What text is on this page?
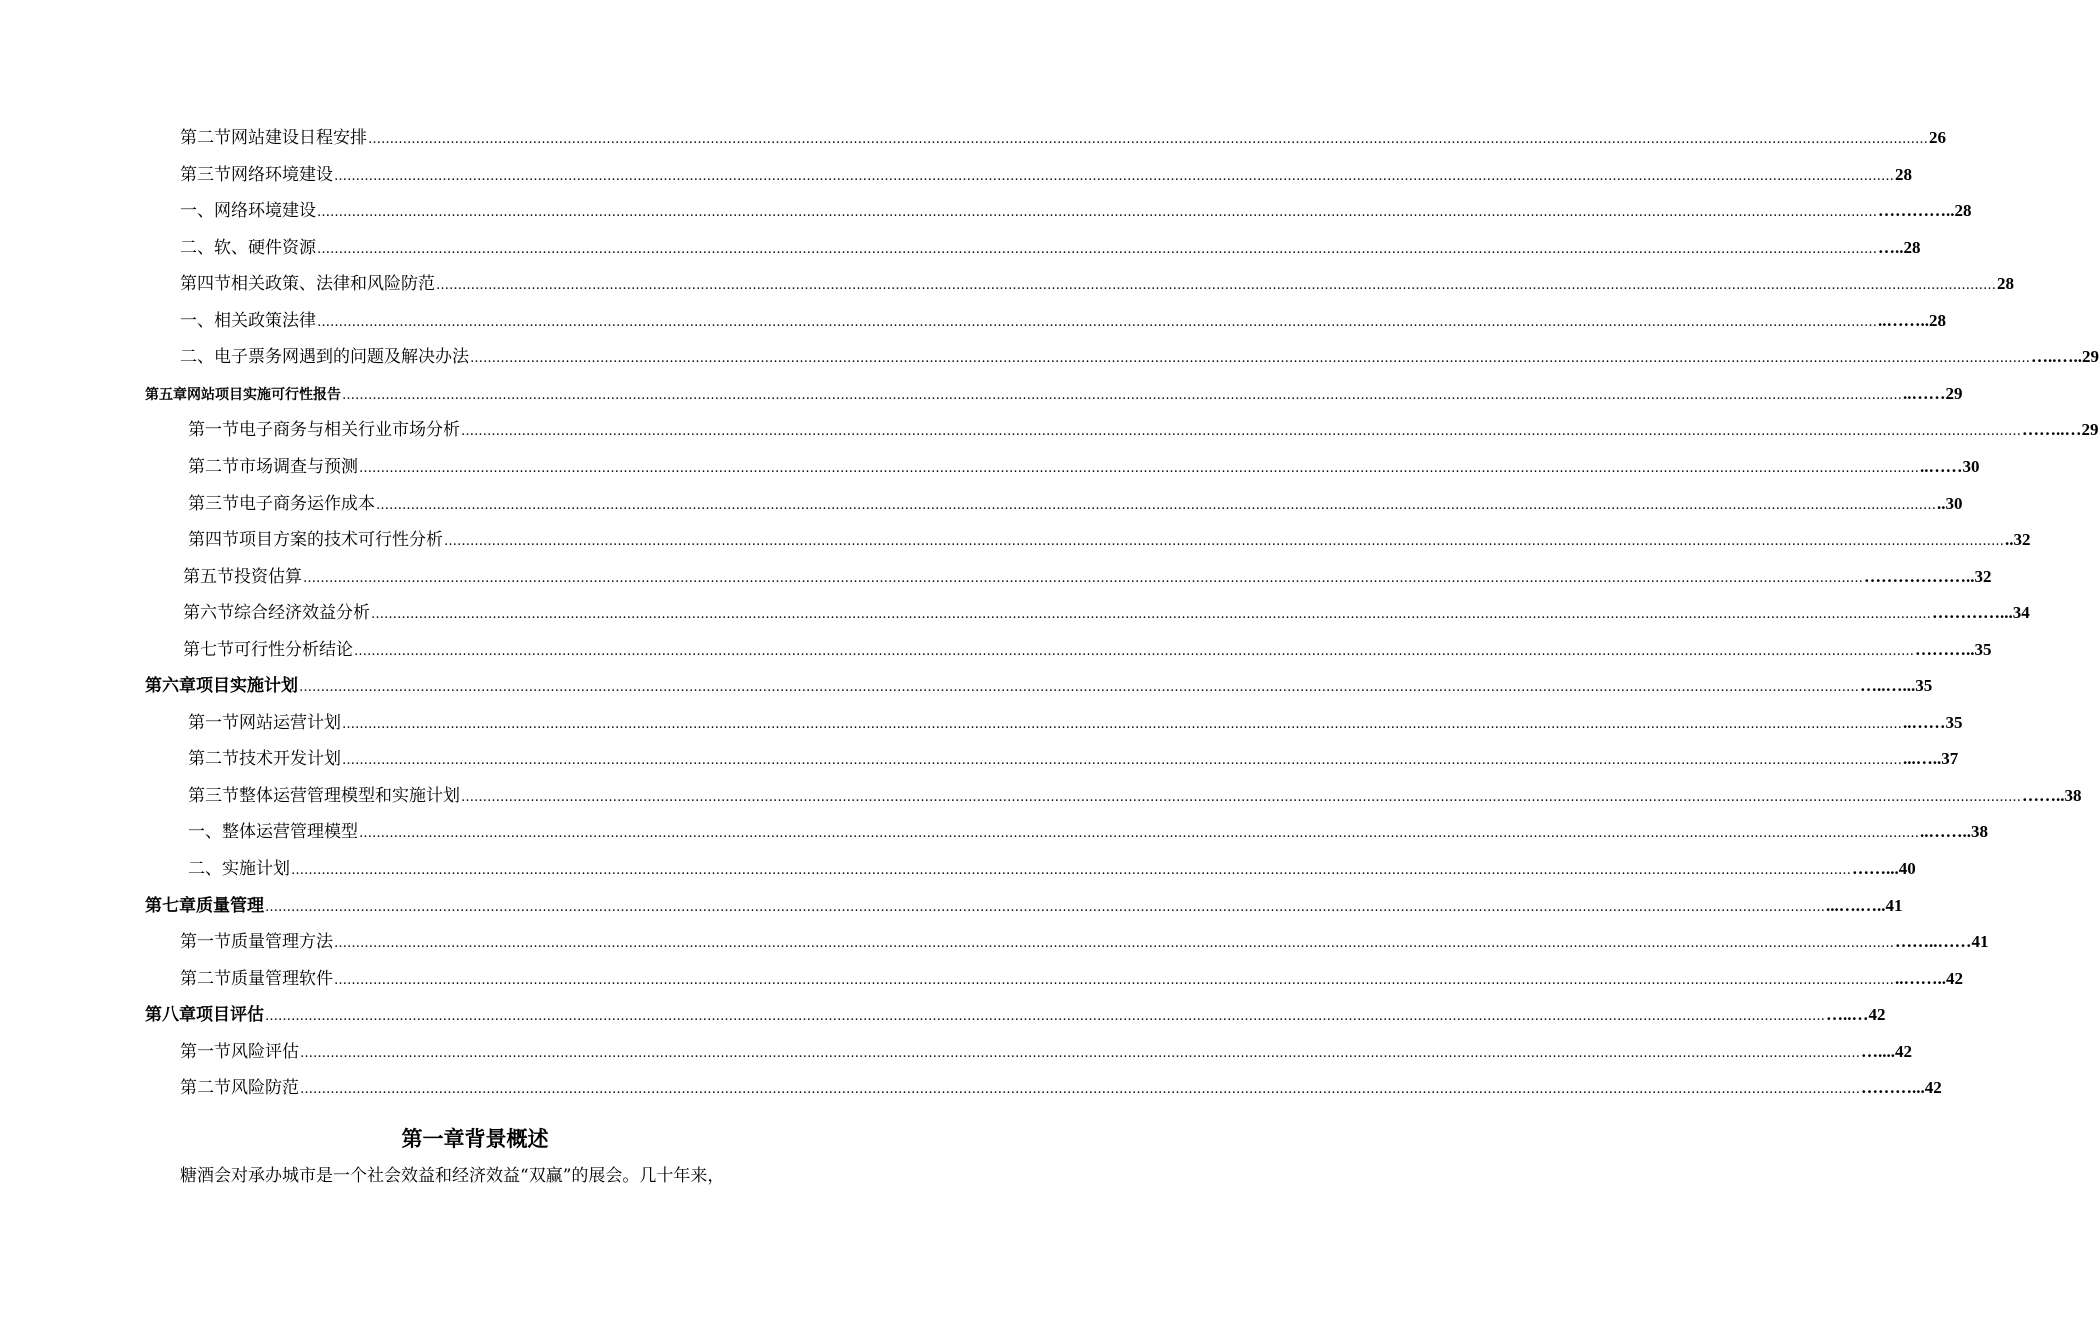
第二节网站建设日程安排 ……………………………………………………………………………………………………………………………………………………………………………………………………………………………………………………………………………………………………………………………… 26
第三节网络环境建设 ……………………………………………………………………………………………………………………………………………………………………………………………………………………………………………………………………………………………………………………………… 28
一、网络环境建设 ……………………………………………………………………………………………………………………………………………………………………………………………………………………………………………………………………………………………………………………………… …………..28
二、软、硬件资源 ……………………………………………………………………………………………………………………………………………………………………………………………………………………………………………………………………………………………………………………………… …..28
第四节相关政策、法律和风险防范 ……………………………………………………………………………………………………………………………………………………………………………………………………………………………………………………………………………………………………………………………… 28
一、相关政策法律 ……………………………………………………………………………………………………………………………………………………………………………………………………………………………………………………………………………………………………………………………… ..……..28
二、电子票务网遇到的问题及解决办法 ……………………………………………………………………………………………………………………………………………………………………………………………………………………………………………………………………………………………………………………………… …..…..29
第五章网站项目实施可行性报告 ……………………………………………………………………………………………………………………………………………………………………………………………………………………………………………………………………………………………………………………………… ..……29
第一节电子商务与相关行业市场分析 ……………………………………………………………………………………………………………………………………………………………………………………………………………………………………………………………………………………………………………………………… ……..…29
第二节市场调查与预测 ……………………………………………………………………………………………………………………………………………………………………………………………………………………………………………………………………………………………………………………………… ..……30
第三节电子商务运作成本 ……………………………………………………………………………………………………………………………………………………………………………………………………………………………………………………………………………………………………………………………… ..30
第四节项目方案的技术可行性分析 ……………………………………………………………………………………………………………………………………………………………………………………………………………………………………………………………………………………………………………………………… ..32
第五节投资估算 ……………………………………………………………………………………………………………………………………………………………………………………………………………………………………………………………………………………………………………………………… ………………..32
第六节综合经济效益分析 ……………………………………………………………………………………………………………………………………………………………………………………………………………………………………………………………………………………………………………………………… …………...34
第七节可行性分析结论 ……………………………………………………………………………………………………………………………………………………………………………………………………………………………………………………………………………………………………………………………… ………..35
第六章项目实施计划 ……………………………………………………………………………………………………………………………………………………………………………………………………………………………………………………………………………………………………………………………… …..…...35
第一节网站运营计划 ……………………………………………………………………………………………………………………………………………………………………………………………………………………………………………………………………………………………………………………………… ..……35
第二节技术开发计划 ……………………………………………………………………………………………………………………………………………………………………………………………………………………………………………………………………………………………………………………………… ...…..37
第三节整体运营管理模型和实施计划 ……………………………………………………………………………………………………………………………………………………………………………………………………………………………………………………………………………………………………………………………… ……..38
一、整体运营管理模型 ……………………………………………………………………………………………………………………………………………………………………………………………………………………………………………………………………………………………………………………………… ..……..38
二、实施计划 ……………………………………………………………………………………………………………………………………………………………………………………………………………………………………………………………………………………………………………………………… ……...40
第七章质量管理 ……………………………………………………………………………………………………………………………………………………………………………………………………………………………………………………………………………………………………………………………… ...….…..41
第一节质量管理方法 ……………………………………………………………………………………………………………………………………………………………………………………………………………………………………………………………………………………………………………………………… ……..……41
第二节质量管理软件 ……………………………………………………………………………………………………………………………………………………………………………………………………………………………………………………………………………………………………………………………… ..……..42
第八章项目评估 ……………………………………………………………………………………………………………………………………………………………………………………………………………………………………………………………………………………………………………………………… …..…42
第一节风险评估 ……………………………………………………………………………………………………………………………………………………………………………………………………………………………………………………………………………………………………………………………… …....42
第二节风险防范 ……………………………………………………………………………………………………………………………………………………………………………………………………………………………………………………………………………………………………………………………… ………...42
第一章背景概述
糖酒会对承办城市是一个社会效益和经济效益“双赢”的展会。几十年来，
